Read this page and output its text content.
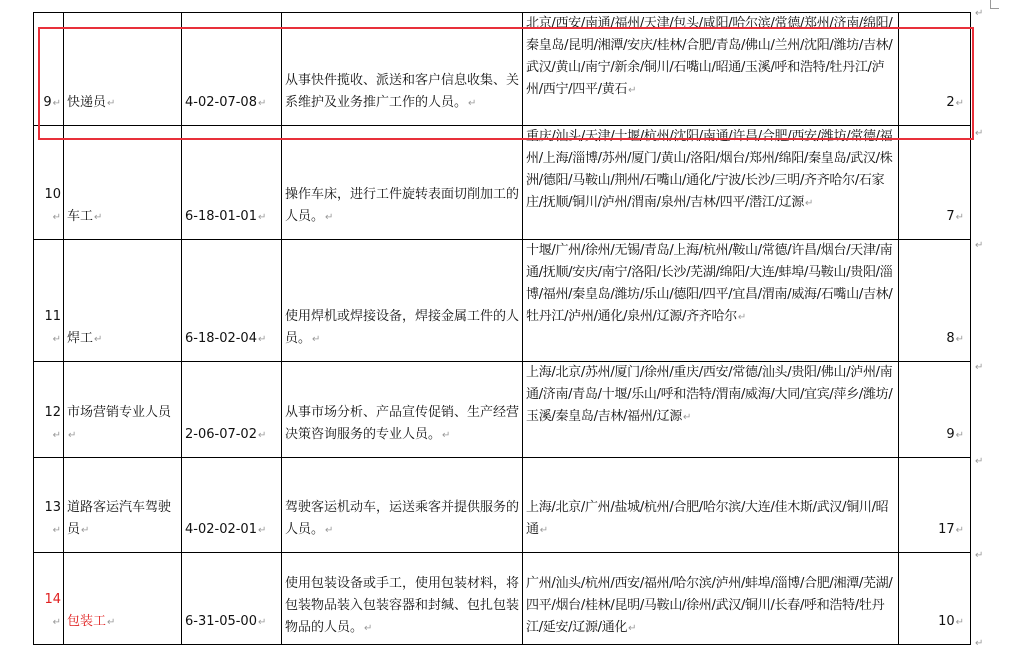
9↵	快递员↵	4-02-07-08↵	从事快件揽收、派送和客户信息收集、关系维护及业务推广工作的人员。↵	北京/西安/南通/福州/天津/包头/咸阳/哈尔滨/常德/郑州/济南/绵阳/秦皇岛/昆明/湘潭/安庆/桂林/合肥/青岛/佛山/兰州/沈阳/潍坊/吉林/武汉/黄山/南宁/新余/铜川/石嘴山/昭通/玉溪/呼和浩特/牡丹江/泸州/西宁/四平/黄石↵	2↵
10↵	车工↵	6-18-01-01↵	操作车床，进行工件旋转表面切削加工的人员。↵	重庆/汕头/天津/十堰/杭州/沈阳/南通/许昌/合肥/西安/潍坊/常德/福州/上海/淄博/苏州/厦门/黄山/洛阳/烟台/郑州/绵阳/秦皇岛/武汉/株洲/德阳/马鞍山/荆州/石嘴山/通化/宁波/长沙/三明/齐齐哈尔/石家庄/抚顺/铜川/泸州/渭南/泉州/吉林/四平/潜江/辽源↵	7↵
11↵	焊工↵	6-18-02-04↵	使用焊机或焊接设备，焊接金属工件的人员。↵	十堰/广州/徐州/无锡/青岛/上海/杭州/鞍山/常德/许昌/烟台/天津/南通/抚顺/安庆/南宁/洛阳/长沙/芜湖/绵阳/大连/蚌埠/马鞍山/贵阳/淄博/福州/秦皇岛/潍坊/乐山/德阳/四平/宜昌/渭南/威海/石嘴山/吉林/牡丹江/泸州/通化/泉州/辽源/齐齐哈尔↵	8↵
12↵	市场营销专业人员↵	2-06-07-02↵	从事市场分析、产品宣传促销、生产经营决策咨询服务的专业人员。↵	上海/北京/苏州/厦门/徐州/重庆/西安/常德/汕头/贵阳/佛山/泸州/南通/济南/青岛/十堰/乐山/呼和浩特/渭南/威海/大同/宜宾/萍乡/潍坊/玉溪/秦皇岛/吉林/福州/辽源↵	9↵
13↵	道路客运汽车驾驶员↵	4-02-02-01↵	驾驶客运机动车，运送乘客并提供服务的人员。↵	上海/北京/广州/盐城/杭州/合肥/哈尔滨/大连/佳木斯/武汉/铜川/昭通↵	17↵
14↵	包装工↵	6-31-05-00↵	使用包装设备或手工，使用包装材料，将包装物品装入包装容器和封缄、包扎包装物品的人员。↵	广州/汕头/杭州/西安/福州/哈尔滨/泸州/蚌埠/淄博/合肥/湘潭/芜湖/四平/烟台/桂林/昆明/马鞍山/徐州/武汉/铜川/长春/呼和浩特/牡丹江/延安/辽源/通化↵	10↵
↵
↵
↵
↵
↵
↵
↵
